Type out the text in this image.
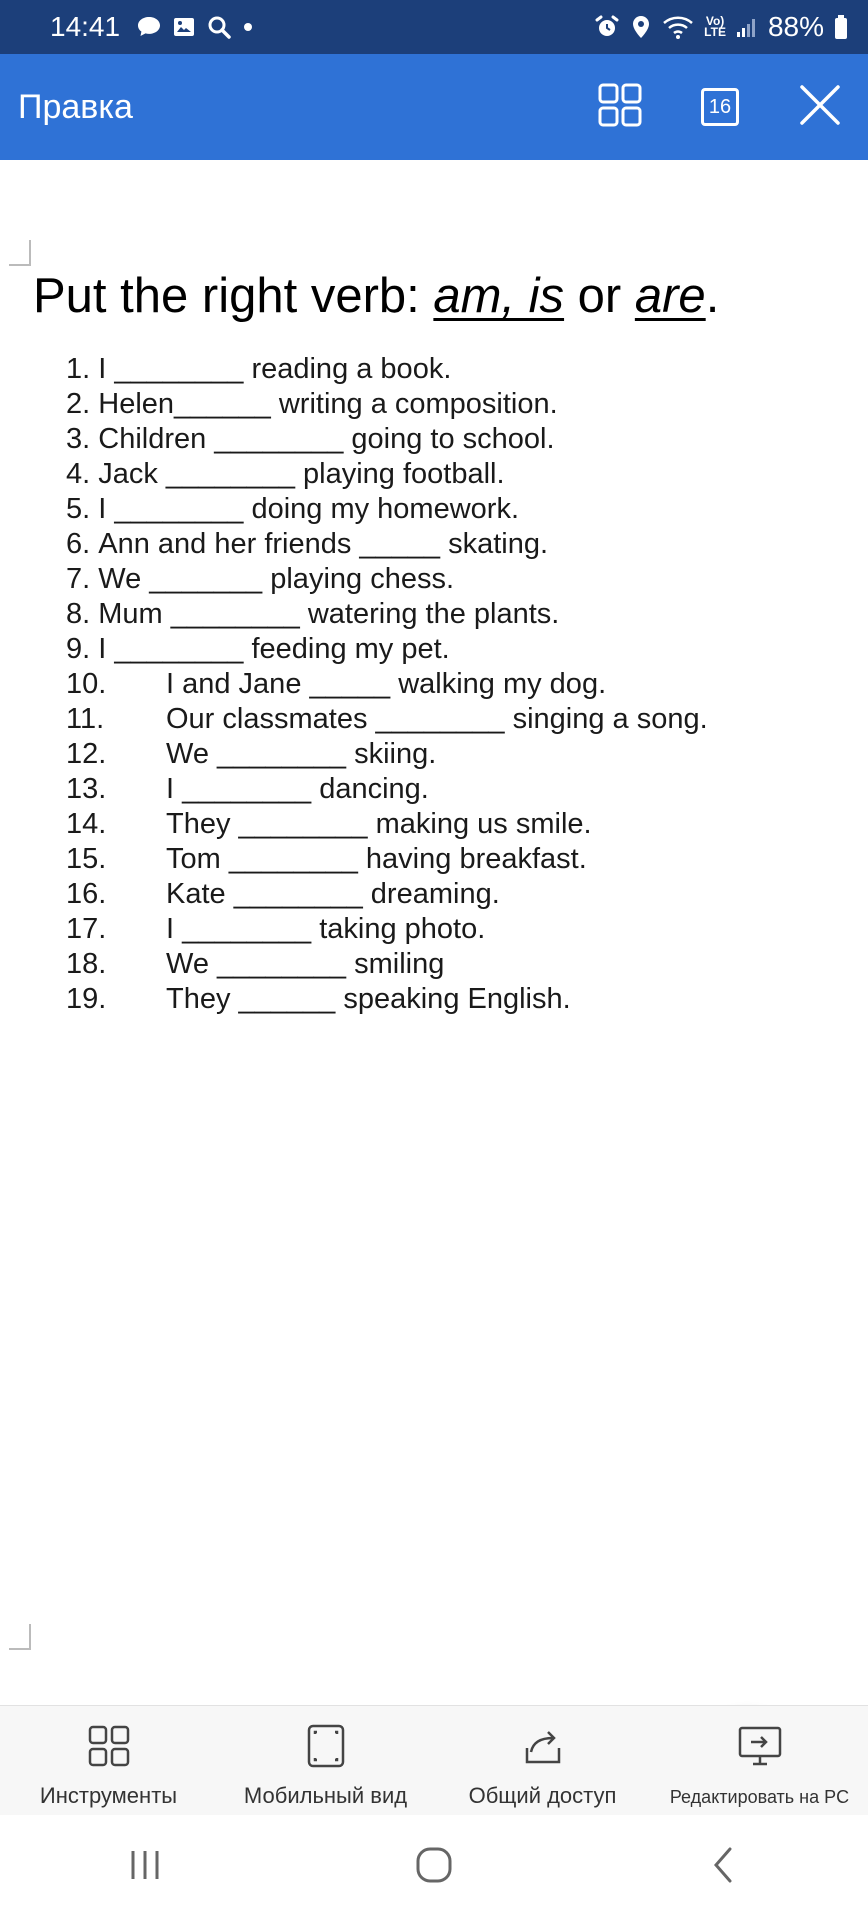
14:41	Vo)
LTE 88%
Правка	16
Put the right verb: am, is or are.
1.
I ________ reading a book.
2.
Helen______ writing a composition.
3.
Children ________ going to school.
4.
Jack ________ playing football.
5.
I ________ doing my homework.
6.
Ann and her friends _____ skating.
7.
We _______ playing chess.
8.
Mum ________ watering the plants.
9.
I ________ feeding my pet.
10.	I and Jane _____ walking my dog.
11.	Our classmates ________ singing a song.
12.	We ________ skiing.
13.	I ________ dancing.
14.	They ________ making us smile.
15.	Tom ________ having breakfast.
16.	Kate ________ dreaming.
17.	I ________ taking photo.
18.	We ________ smiling
19.	They ______ speaking English.
Инструменты	Мобильный вид	Общий доступ	Редактировать на PC
